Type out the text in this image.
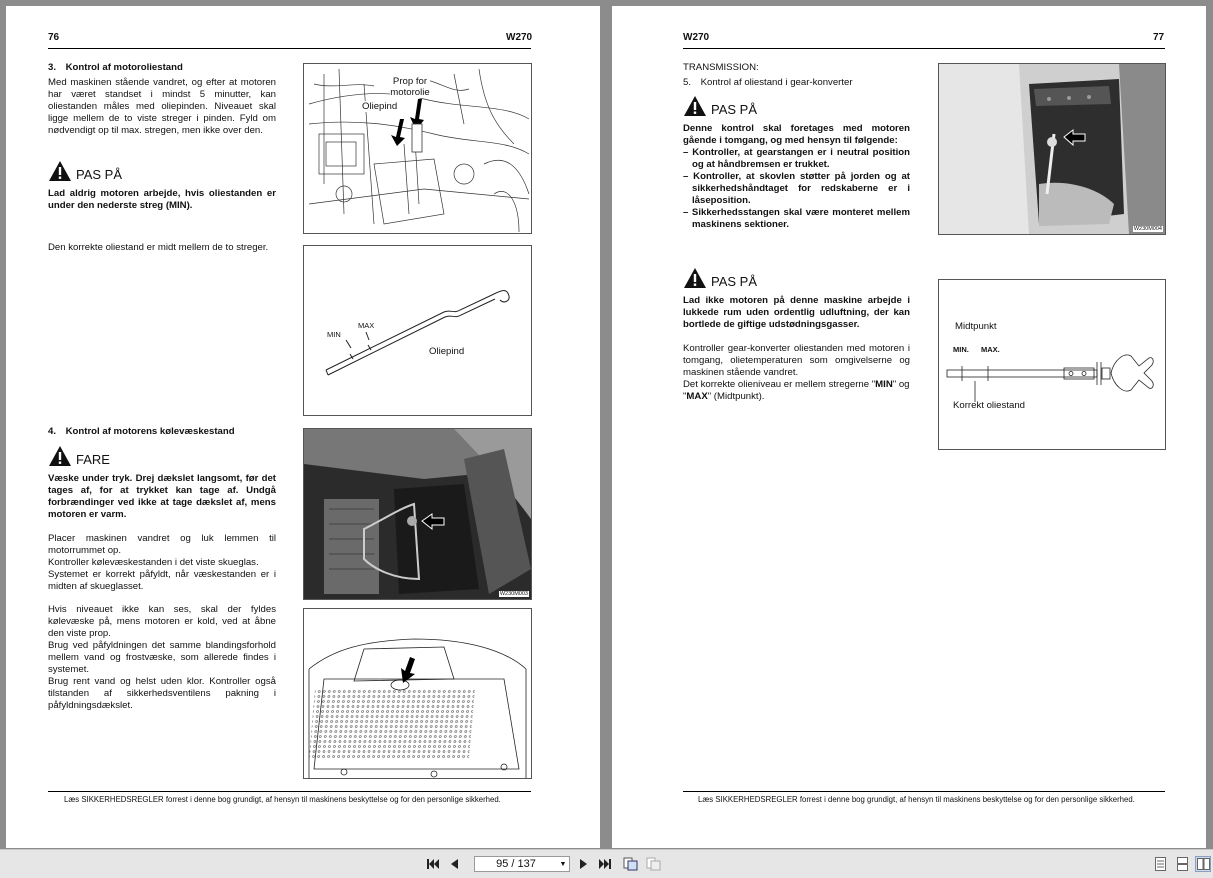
76	W270
3. Kontrol af motoroliestand
Med maskinen stående vandret, og efter at motoren har været standset i mindst 5 minutter, kan oliestanden måles med oliepinden. Niveauet skal ligge mellem de to viste streger i pinden. Fyld om nødvendigt op til max. stregen, men ikke over den.
PAS PÅ
Lad aldrig motoren arbejde, hvis oliestanden er under den nederste streg (MIN).
Den korrekte oliestand er midt mellem de to streger.
Prop for motorolie
Oliepind
MIN
MAX
Oliepind
4. Kontrol af motorens kølevæskestand
FARE
Væske under tryk. Drej dækslet langsomt, før det tages af, for at trykket kan tage af. Undgå forbrændinger ved ikke at tage dækslet af, mens motoren er varm.
Placer maskinen vandret og luk lemmen til motorrummet op.
Kontroller kølevæskestanden i det viste skueglas.
Systemet er korrekt påfyldt, når væskestanden er i midten af skueglasset.
Hvis niveauet ikke kan ses, skal der fyldes kølevæske på, mens motoren er kold, ved at åbne den viste prop.
Brug ved påfyldningen det samme blandingsforhold mellem vand og frostvæske, som allerede findes i systemet.
Brug rent vand og helst uden klor. Kontroller også tilstanden af sikkerhedsventilens pakning i påfyldningsdækslet.
W230M003
Læs SIKKERHEDSREGLER forrest i denne bog grundigt, af hensyn til maskinens beskyttelse og for den personlige sikkerhed.
W270	77
TRANSMISSION:
5. Kontrol af oliestand i gear-konverter
PAS PÅ
Denne kontrol skal foretages med motoren gående i tomgang, og med hensyn til følgende:
– Kontroller, at gearstangen er i neutral position og at håndbremsen er trukket.
– Kontroller, at skovlen støtter på jorden og at sikkerhedshåndtaget for redskaberne er i låseposition.
– Sikkerhedsstangen skal være monteret mellem maskinens sektioner.
PAS PÅ
Lad ikke motoren på denne maskine arbejde i lukkede rum uden ordentlig udluftning, der kan bortlede de giftige udstødningsgasser.
Kontroller gear-konverter oliestanden med motoren i tomgang, olietemperaturen som omgivelserne og maskinen stående vandret.
Det korrekte olieniveau er mellem stregerne "MIN" og "MAX" (Midtpunkt).
W230M004
Midtpunkt
MIN. MAX.
Korrekt oliestand
Læs SIKKERHEDSREGLER forrest i denne bog grundigt, af hensyn til maskinens beskyttelse og for den personlige sikkerhed.
95 / 137	▼
